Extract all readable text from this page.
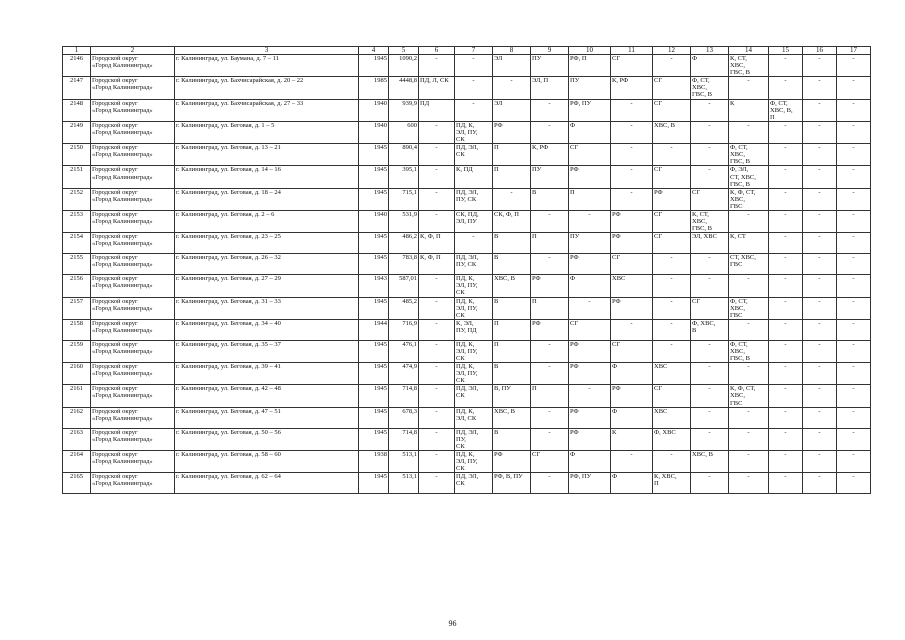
1	2	3	4	5	6	7	8	9	10	11	12	13	14	15	16	17
2146	Городской округ
«Город Калининград»	г. Калининград, ул. Баумана, д. 7 – 11	1945	1090,2	-	-	ЭЛ	ПУ	РФ, П	СГ	-	Ф	К, СТ,
ХВС,
ГВС, В	-	-	-
2147	Городской округ
«Город Калининград»	г. Калининград, ул. Бахчисарайская, д. 20 – 22	1985	4448,8	ПД, Л, СК	-	-	ЭЛ, П	ПУ	К, РФ	СГ	Ф, СТ,
ХВС,
ГВС, В	-	-	-	-
2148	Городской округ
«Город Калининград»	г. Калининград, ул. Бахчисарайская, д. 27 – 33	1940	939,9	ПД	-	ЭЛ	-	РФ, ПУ	-	СГ	-	К	Ф, СТ,
ХВС, В,
П	-	-
2149	Городской округ
«Город Калининград»	г. Калининград, ул. Беговая, д. 1 – 5	1940	600	-	ПД, К,
ЭЛ, ПУ,
СК	РФ	-	Ф	-	ХВС, В	-	-	-	-	-
2150	Городской округ
«Город Калининград»	г. Калининград, ул. Беговая, д. 13 – 21	1945	890,4	-	ПД, ЭЛ,
СК	П	К, РФ	СГ	-	-	-	Ф, СТ,
ХВС,
ГВС, В	-	-	-
2151	Городской округ
«Город Калининград»	г. Калининград, ул. Беговая, д. 14 – 16	1945	395,1	-	К, ПД	П	ПУ	РФ	-	СГ	-	Ф, ЭЛ,
СТ, ХВС,
ГВС, В	-	-	-
2152	Городской округ
«Город Калининград»	г. Калининград, ул. Беговая, д. 18 – 24	1945	715,1	-	ПД, ЭЛ,
ПУ, СК	-	В	П	-	РФ	СГ	К, Ф, СТ,
ХВС,
ГВС	-	-	-
2153	Городской округ
«Город Калининград»	г. Калининград, ул. Беговая, д. 2 – 6	1940	531,9	-	СК, ПД,
ЭЛ, ПУ	СК, Ф, П	-	-	РФ	СГ	К, СТ,
ХВС,
ГВС, В	-	-	-	-
2154	Городской округ
«Город Калининград»	г. Калининград, ул. Беговая, д. 23 – 25	1945	486,2	К, Ф, П	-	В	П	ПУ	РФ	СГ	ЭЛ, ХВС	К, СТ	-	-	-
2155	Городской округ
«Город Калининград»	г. Калининград, ул. Беговая, д. 26 – 32	1945	783,8	К, Ф, П	ПД, ЭЛ,
ПУ, СК	В	-	РФ	СГ	-	-	СТ, ХВС,
ГВС	-	-	-
2156	Городской округ
«Город Калининград»	г. Калининград, ул. Беговая, д. 27 – 29	1943	587,01	-	ПД, К,
ЭЛ, ПУ,
СК	ХВС, В	РФ	Ф	ХВС	-	-	-	-	-	-
2157	Городской округ
«Город Калининград»	г. Калининград, ул. Беговая, д. 31 – 33	1945	485,2	-	ПД, К,
ЭЛ, ПУ,
СК	В	П	-	РФ	-	СГ	Ф, СТ,
ХВС,
ГВС	-	-	-
2158	Городской округ
«Город Калининград»	г. Калининград, ул. Беговая, д. 34 – 40	1944	716,9	-	К, ЭЛ,
ПУ, ПД	П	РФ	СГ	-	-	Ф, ХВС,
В	-	-	-	-
2159	Городской округ
«Город Калининград»	г. Калининград, ул. Беговая, д. 35 – 37	1945	476,1	-	ПД, К,
ЭЛ, ПУ,
СК	П	-	РФ	СГ	-	-	Ф, СТ,
ХВС,
ГВС, В	-	-	-
2160	Городской округ
«Город Калининград»	г. Калининград, ул. Беговая, д. 39 – 41	1945	474,9	-	ПД, К,
ЭЛ, ПУ,
СК	В	-	РФ	Ф	ХВС	-	-	-	-	-
2161	Городской округ
«Город Калининград»	г. Калининград, ул. Беговая, д. 42 – 48	1945	714,8	-	ПД, ЭЛ,
СК	В, ПУ	П	-	РФ	СГ	-	К, Ф, СТ,
ХВС,
ГВС	-	-	-
2162	Городской округ
«Город Калининград»	г. Калининград, ул. Беговая, д. 47 – 51	1945	678,3	-	ПД, К,
ЭЛ, СК	ХВС, В	-	РФ	Ф	ХВС	-	-	-	-	-
2163	Городской округ
«Город Калининград»	г. Калининград, ул. Беговая, д. 50 – 56	1945	714,8	-	ПД, ЭЛ,
ПУ,
СК	В	-	РФ	К	Ф, ХВС	-	-	-	-	-
2164	Городской округ
«Город Калининград»	г. Калининград, ул. Беговая, д. 58 – 60	1938	513,1	-	ПД, К,
ЭЛ, ПУ,
СК	РФ	СГ	Ф	-	-	ХВС, В	-	-	-	-
2165	Городской округ
«Город Калининград»	г. Калининград, ул. Беговая, д. 62 – 64	1945	513,1	-	ПД, ЭЛ,
СК	РФ, В, ПУ	-	РФ, ПУ	Ф	К, ХВС,
П	-	-	-	-	-
96
